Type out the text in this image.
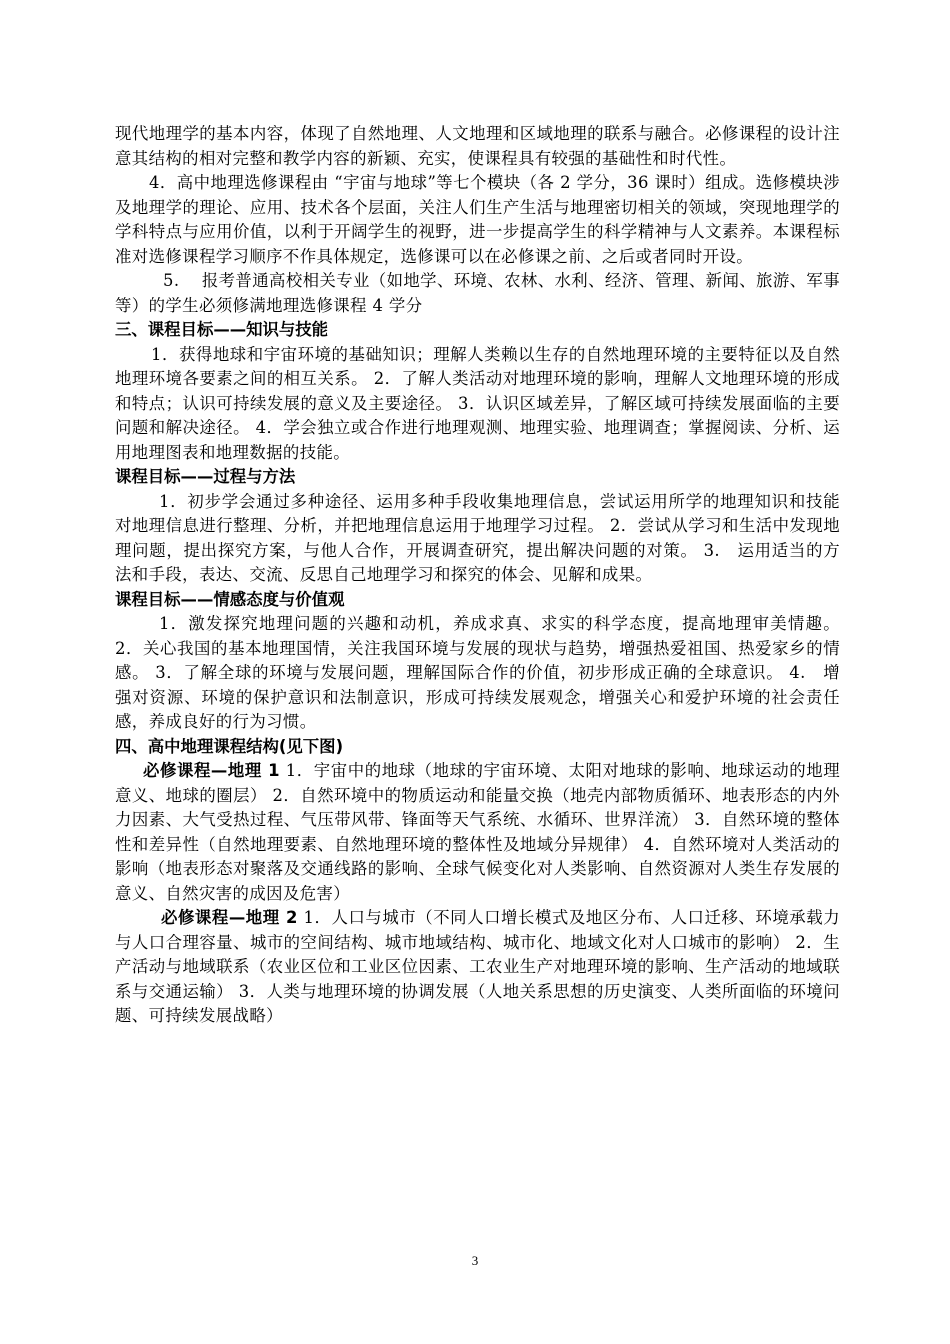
现代地理学的基本内容，体现了自然地理、人文地理和区域地理的联系与融合。必修课程的设计注意其结构的相对完整和教学内容的新颖、充实，使课程具有较强的基础性和时代性。

4．高中地理选修课程由 “宇宙与地球”等七个模块（各 2 学分，36 课时）组成。选修模块涉及地理学的理论、应用、技术各个层面，关注人们生产生活与地理密切相关的领域，突现地理学的学科特点与应用价值，以利于开阔学生的视野，进一步提高学生的科学精神与人文素养。本课程标准对选修课程学习顺序不作具体规定，选修课可以在必修课之前、之后或者同时开设。

5.　 报考普通高校相关专业（如地学、环境、农林、水利、经济、管理、新闻、旅游、军事等）的学生必须修满地理选修课程 4 学分

三、课程目标——知识与技能

1．获得地球和宇宙环境的基础知识；理解人类赖以生存的自然地理环境的主要特征以及自然地理环境各要素之间的相互关系。 2．了解人类活动对地理环境的影响，理解人文地理环境的形成和特点；认识可持续发展的意义及主要途径。 3．认识区域差异，了解区域可持续发展面临的主要问题和解决途径。 4．学会独立或合作进行地理观测、地理实验、地理调查；掌握阅读、分析、运用地理图表和地理数据的技能。

课程目标——过程与方法

1．初步学会通过多种途径、运用多种手段收集地理信息，尝试运用所学的地理知识和技能对地理信息进行整理、分析，并把地理信息运用于地理学习过程。 2．尝试从学习和生活中发现地理问题，提出探究方案，与他人合作，开展调查研究，提出解决问题的对策。 3.　运用适当的方法和手段，表达、交流、反思自己地理学习和探究的体会、见解和成果。

课程目标——情感态度与价值观

1．激发探究地理问题的兴趣和动机，养成求真、求实的科学态度，提高地理审美情趣。 2．关心我国的基本地理国情，关注我国环境与发展的现状与趋势，增强热爱祖国、热爱家乡的情感。 3．了解全球的环境与发展问题，理解国际合作的价值，初步形成正确的全球意识。 4.　增强对资源、环境的保护意识和法制意识，形成可持续发展观念，增强关心和爱护环境的社会责任感，养成良好的行为习惯。

四、高中地理课程结构(见下图)

必修课程—地理 1 1．宇宙中的地球（地球的宇宙环境、太阳对地球的影响、地球运动的地理意义、地球的圈层） 2．自然环境中的物质运动和能量交换（地壳内部物质循环、地表形态的内外力因素、大气受热过程、气压带风带、锋面等天气系统、水循环、世界洋流） 3．自然环境的整体性和差异性（自然地理要素、自然地理环境的整体性及地域分异规律） 4．自然环境对人类活动的影响（地表形态对聚落及交通线路的影响、全球气候变化对人类影响、自然资源对人类生存发展的意义、自然灾害的成因及危害）

必修课程—地理 2 1．人口与城市（不同人口增长模式及地区分布、人口迁移、环境承载力与人口合理容量、城市的空间结构、城市地域结构、城市化、地域文化对人口城市的影响） 2．生产活动与地域联系（农业区位和工业区位因素、工农业生产对地理环境的影响、生产活动的地域联系与交通运输） 3．人类与地理环境的协调发展（人地关系思想的历史演变、人类所面临的环境问题、可持续发展战略）

3
